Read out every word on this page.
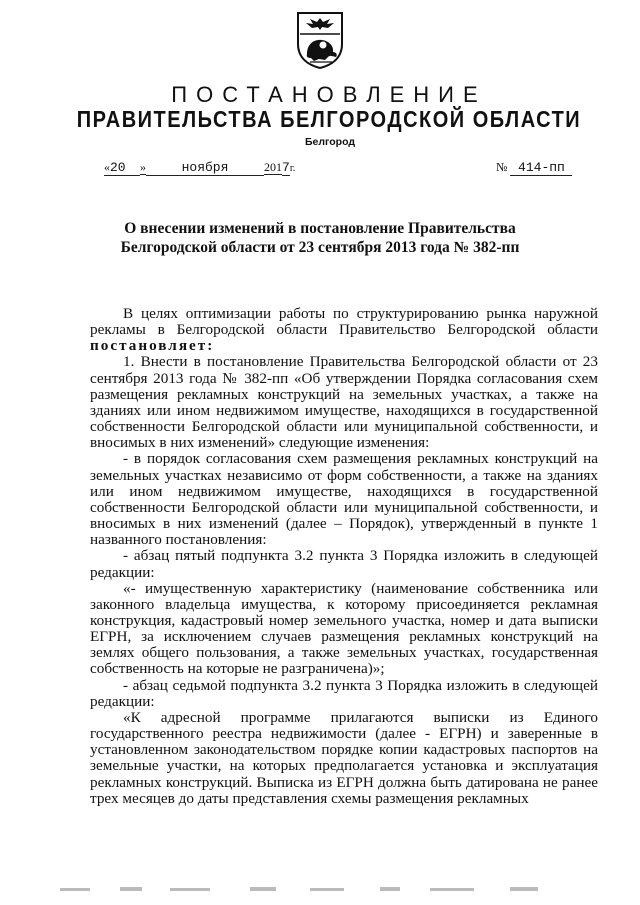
ПОСТАНОВЛЕНИЕ
ПРАВИТЕЛЬСТВА БЕЛГОРОДСКОЙ ОБЛАСТИ
Белгород
«20 »	ноября	2017г.	№ 414-пп
О внесении изменений в постановление Правительства
Белгородской области от 23 сентября 2013 года № 382-пп

В целях оптимизации работы по структурированию рынка наружной рекламы в Белгородской области Правительство Белгородской области постановляет:

1. Внести в постановление Правительства Белгородской области от 23 сентября 2013 года № 382-пп «Об утверждении Порядка согласования схем размещения рекламных конструкций на земельных участках, а также на зданиях или ином недвижимом имуществе, находящихся в государственной собственности Белгородской области или муниципальной собственности, и вносимых в них изменений» следующие изменения:

- в порядок согласования схем размещения рекламных конструкций на земельных участках независимо от форм собственности, а также на зданиях или ином недвижимом имуществе, находящихся в государственной собственности Белгородской области или муниципальной собственности, и вносимых в них изменений (далее – Порядок), утвержденный в пункте 1 названного постановления:

- абзац пятый подпункта 3.2 пункта 3 Порядка изложить в следующей редакции:

«- имущественную характеристику (наименование собственника или законного владельца имущества, к которому присоединяется рекламная конструкция, кадастровый номер земельного участка, номер и дата выписки ЕГРН, за исключением случаев размещения рекламных конструкций на землях общего пользования, а также земельных участках, государственная собственность на которые не разграничена)»;

- абзац седьмой подпункта 3.2 пункта 3 Порядка изложить в следующей редакции:

«К адресной программе прилагаются выписки из Единого государственного реестра недвижимости (далее - ЕГРН) и заверенные в установленном законодательством порядке копии кадастровых паспортов на земельные участки, на которых предполагается установка и эксплуатация рекламных конструкций. Выписка из ЕГРН должна быть датирована не ранее трех месяцев до даты представления схемы размещения рекламных
